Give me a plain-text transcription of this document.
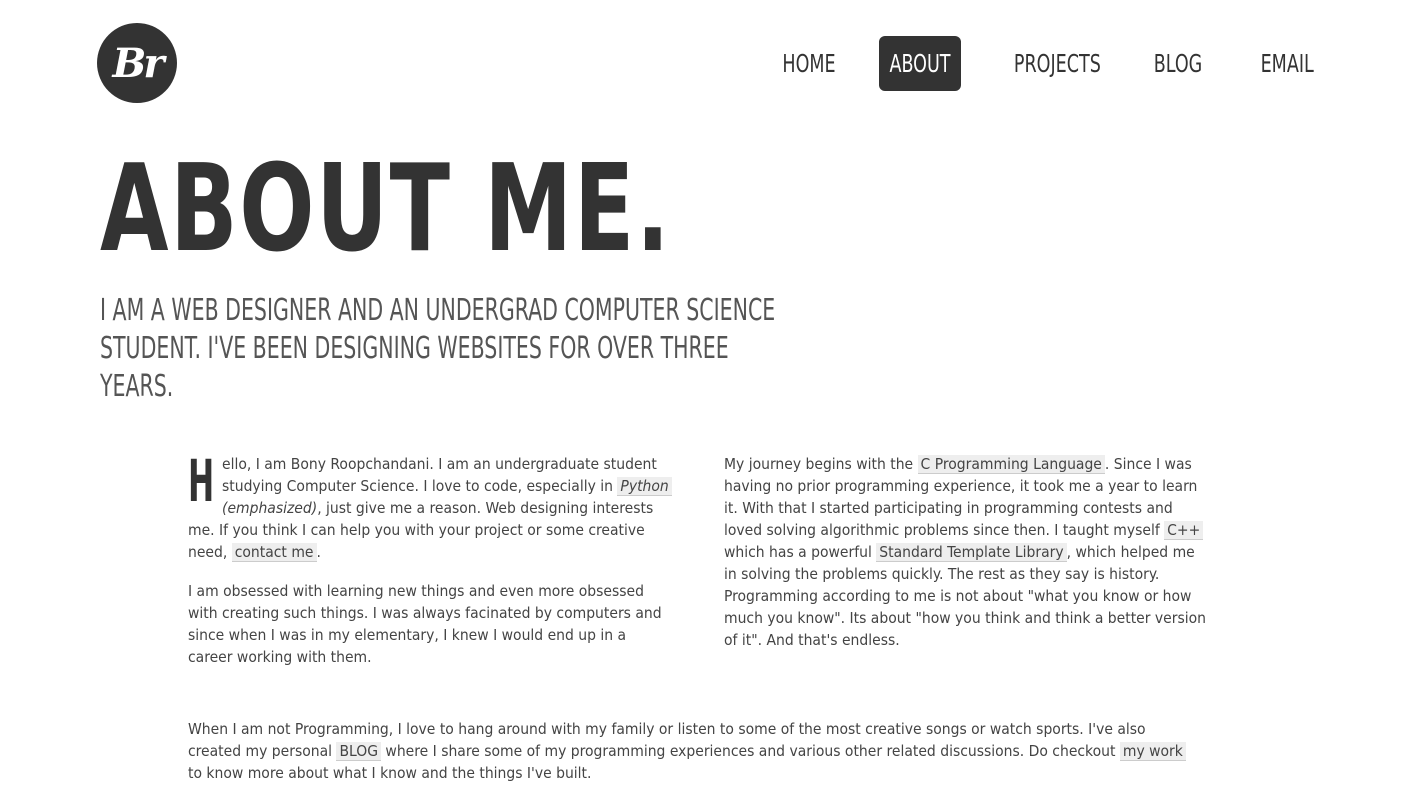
Br	HOME ABOUT	PROJECTS BLOG EMAIL
ABOUT ME.
I AM A WEB DESIGNER AND AN UNDERGRAD COMPUTER SCIENCE STUDENT. I'VE BEEN DESIGNING WEBSITES FOR OVER THREE YEARS.

Hello, I am Bony Roopchandani. I am an undergraduate student studying Computer Science. I love to code, especially in Python (emphasized), just give me a reason. Web designing interests me. If you think I can help you with your project or some creative need, contact me .

I am obsessed with learning new things and even more obsessed with creating such things. I was always facinated by computers and since when I was in my elementary, I knew I would end up in a career working with them.

My journey begins with the C Programming Language . Since I was having no prior programming experience, it took me a year to learn it. With that I started participating in programming contests and loved solving algorithmic problems since then. I taught myself C++ which has a powerful Standard Template Library , which helped me in solving the problems quickly. The rest as they say is history. Programming according to me is not about "what you know or how much you know". Its about "how you think and think a better version of it". And that's endless.

When I am not Programming, I love to hang around with my family or listen to some of the most creative songs or watch sports. I've also created my personal BLOG where I share some of my programming experiences and various other related discussions. Do checkout my work to know more about what I know and the things I've built.
